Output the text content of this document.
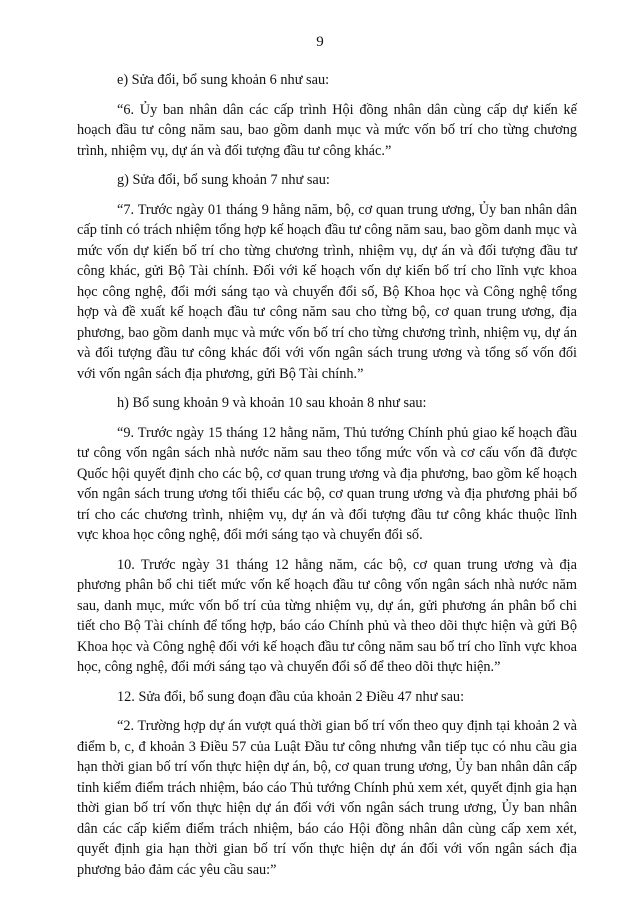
9

e) Sửa đổi, bổ sung khoản 6 như sau:

“6. Ủy ban nhân dân các cấp trình Hội đồng nhân dân cùng cấp dự kiến kế hoạch đầu tư công năm sau, bao gồm danh mục và mức vốn bố trí cho từng chương trình, nhiệm vụ, dự án và đối tượng đầu tư công khác.”

g) Sửa đổi, bổ sung khoản 7 như sau:

“7. Trước ngày 01 tháng 9 hằng năm, bộ, cơ quan trung ương, Ủy ban nhân dân cấp tỉnh có trách nhiệm tổng hợp kế hoạch đầu tư công năm sau, bao gồm danh mục và mức vốn dự kiến bố trí cho từng chương trình, nhiệm vụ, dự án và đối tượng đầu tư công khác, gửi Bộ Tài chính. Đối với kế hoạch vốn dự kiến bố trí cho lĩnh vực khoa học công nghệ, đổi mới sáng tạo và chuyển đổi số, Bộ Khoa học và Công nghệ tổng hợp và đề xuất kế hoạch đầu tư công năm sau cho từng bộ, cơ quan trung ương, địa phương, bao gồm danh mục và mức vốn bố trí cho từng chương trình, nhiệm vụ, dự án và đối tượng đầu tư công khác đối với vốn ngân sách trung ương và tổng số vốn đối với vốn ngân sách địa phương, gửi Bộ Tài chính.”

h) Bổ sung khoản 9 và khoản 10 sau khoản 8 như sau:

“9. Trước ngày 15 tháng 12 hằng năm, Thủ tướng Chính phủ giao kế hoạch đầu tư công vốn ngân sách nhà nước năm sau theo tổng mức vốn và cơ cấu vốn đã được Quốc hội quyết định cho các bộ, cơ quan trung ương và địa phương, bao gồm kế hoạch vốn ngân sách trung ương tối thiểu các bộ, cơ quan trung ương và địa phương phải bố trí cho các chương trình, nhiệm vụ, dự án và đối tượng đầu tư công khác thuộc lĩnh vực khoa học công nghệ, đổi mới sáng tạo và chuyển đổi số.

10. Trước ngày 31 tháng 12 hằng năm, các bộ, cơ quan trung ương và địa phương phân bổ chi tiết mức vốn kế hoạch đầu tư công vốn ngân sách nhà nước năm sau, danh mục, mức vốn bố trí của từng nhiệm vụ, dự án, gửi phương án phân bổ chi tiết cho Bộ Tài chính để tổng hợp, báo cáo Chính phủ và theo dõi thực hiện và gửi Bộ Khoa học và Công nghệ đối với kế hoạch đầu tư công năm sau bố trí cho lĩnh vực khoa học, công nghệ, đổi mới sáng tạo và chuyển đổi số để theo dõi thực hiện.”

12. Sửa đổi, bổ sung đoạn đầu của khoản 2 Điều 47 như sau:

“2. Trường hợp dự án vượt quá thời gian bố trí vốn theo quy định tại khoản 2 và điểm b, c, đ khoản 3 Điều 57 của Luật Đầu tư công nhưng vẫn tiếp tục có nhu cầu gia hạn thời gian bố trí vốn thực hiện dự án, bộ, cơ quan trung ương, Ủy ban nhân dân cấp tỉnh kiểm điểm trách nhiệm, báo cáo Thủ tướng Chính phủ xem xét, quyết định gia hạn thời gian bố trí vốn thực hiện dự án đối với vốn ngân sách trung ương, Ủy ban nhân dân các cấp kiểm điểm trách nhiệm, báo cáo Hội đồng nhân dân cùng cấp xem xét, quyết định gia hạn thời gian bố trí vốn thực hiện dự án đối với vốn ngân sách địa phương bảo đảm các yêu cầu sau:”
